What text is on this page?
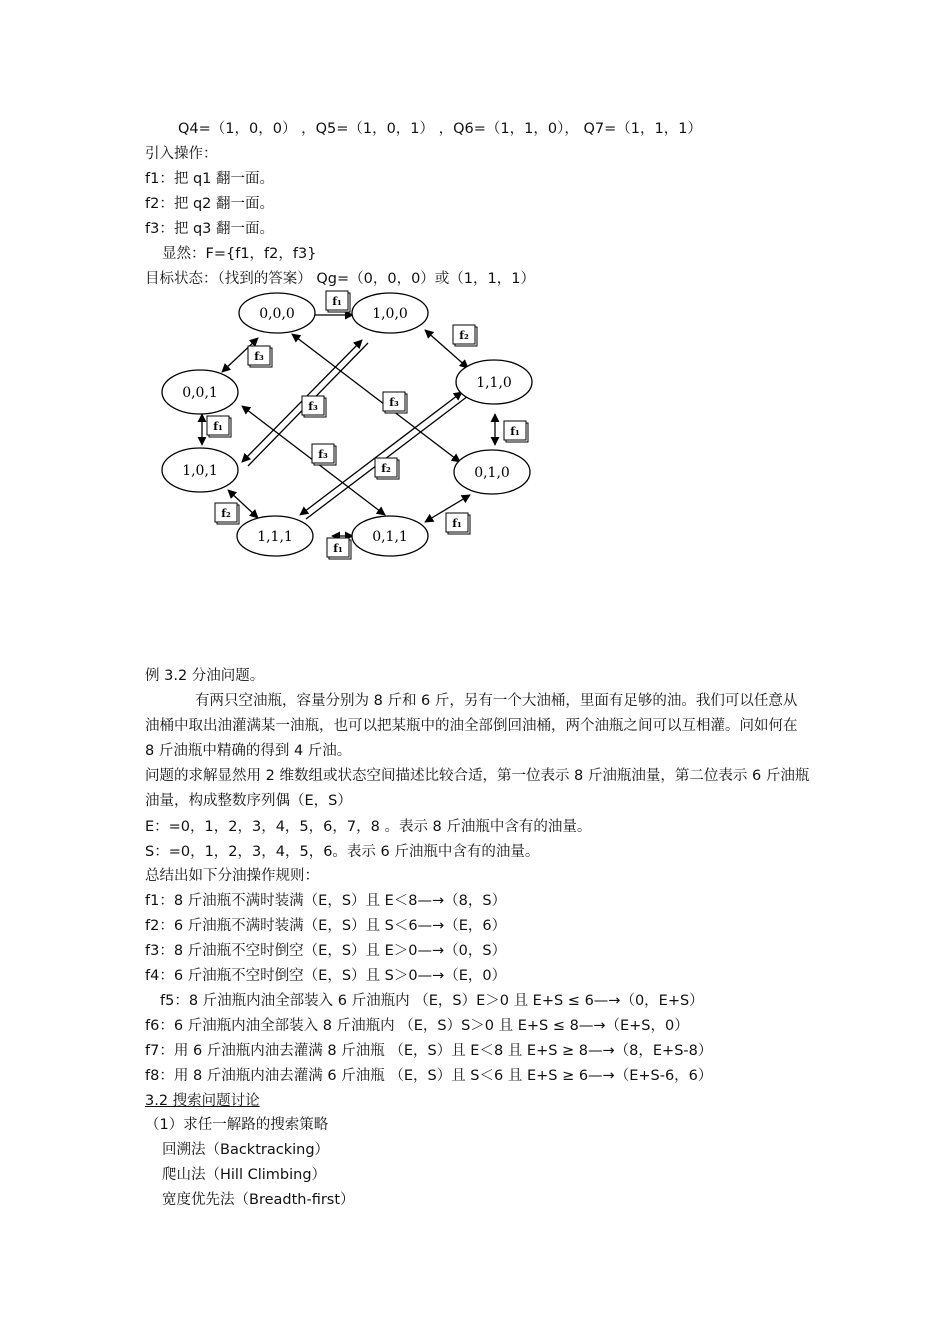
Q4=（1，0，0） ，Q5=（1，0，1） ，Q6=（1，1，0）， Q7=（1，1，1）
引入操作：
f1：把 q1 翻一面。
f2：把 q2 翻一面。
f3：把 q3 翻一面。
显然：F={f1，f2，f3}
目标状态：（找到的答案） Qg=（0，0，0）或（1，1，1）
0,0,0	1,0,0
1,1,0
0,0,1
1,0,1	0,1,0
1,1,1	0,1,1
f₁
f₂
f₃
f₁	f₁
f₃	f₃
f₃
f₂
f₂
f₁
f₁
例 3.2 分油问题。
有两只空油瓶，容量分别为 8 斤和 6 斤，另有一个大油桶，里面有足够的油。我们可以任意从油桶中取出油灌满某一油瓶，也可以把某瓶中的油全部倒回油桶，两个油瓶之间可以互相灌。问如何在 8 斤油瓶中精确的得到 4 斤油。
问题的求解显然用 2 维数组或状态空间描述比较合适，第一位表示 8 斤油瓶油量，第二位表示 6 斤油瓶油量，构成整数序列偶（E，S）
E：=0，1，2，3，4，5，6，7，8 。表示 8 斤油瓶中含有的油量。
S：=0，1，2，3，4，5，6。表示 6 斤油瓶中含有的油量。
总结出如下分油操作规则：
f1：8 斤油瓶不满时装满（E，S）且 E＜8—→（8，S）
f2：6 斤油瓶不满时装满（E，S）且 S＜6—→（E，6）
f3：8 斤油瓶不空时倒空（E，S）且 E＞0—→（0，S）
f4：6 斤油瓶不空时倒空（E，S）且 S＞0—→（E，0）
f5：8 斤油瓶内油全部装入 6 斤油瓶内 （E，S）E＞0 且 E+S ≤ 6—→（0，E+S）
f6：6 斤油瓶内油全部装入 8 斤油瓶内 （E，S）S＞0 且 E+S ≤ 8—→（E+S，0）
f7：用 6 斤油瓶内油去灌满 8 斤油瓶 （E，S）且 E＜8 且 E+S ≥ 8—→（8，E+S-8）
f8：用 8 斤油瓶内油去灌满 6 斤油瓶 （E，S）且 S＜6 且 E+S ≥ 6—→（E+S-6，6）
3.2 搜索问题讨论
（1）求任一解路的搜索策略
回溯法（Backtracking）
爬山法（Hill Climbing）
宽度优先法（Breadth-first）
